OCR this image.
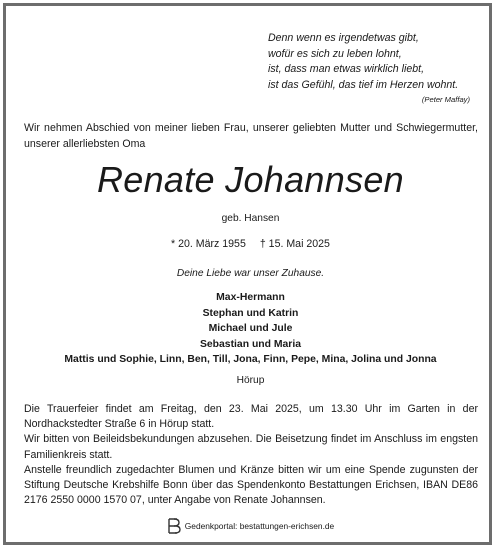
Denn wenn es irgendetwas gibt,
wofür es sich zu leben lohnt,
ist, dass man etwas wirklich liebt,
ist das Gefühl, das tief im Herzen wohnt.
(Peter Maffay)
Wir nehmen Abschied von meiner lieben Frau, unserer geliebten Mutter und Schwiegermutter, unserer allerliebsten Oma
Renate Johannsen
geb. Hansen
* 20. März 1955 † 15. Mai 2025
Deine Liebe war unser Zuhause.
Max-Hermann
Stephan und Katrin
Michael und Jule
Sebastian und Maria
Mattis und Sophie, Linn, Ben, Till, Jona, Finn, Pepe, Mina, Jolina und Jonna
Hörup

Die Trauerfeier findet am Freitag, den 23. Mai 2025, um 13.30 Uhr im Garten in der Nordhackstedter Straße 6 in Hörup statt.

Wir bitten von Beileidsbekundungen abzusehen. Die Beisetzung findet im Anschluss im engsten Familienkreis statt.

Anstelle freundlich zugedachter Blumen und Kränze bitten wir um eine Spende zugunsten der Stiftung Deutsche Krebshilfe Bonn über das Spendenkonto Bestattungen Erichsen, IBAN DE86 2176 2550 0000 1570 07, unter Angabe von Renate Johannsen.

Gedenkportal: bestattungen-erichsen.de
